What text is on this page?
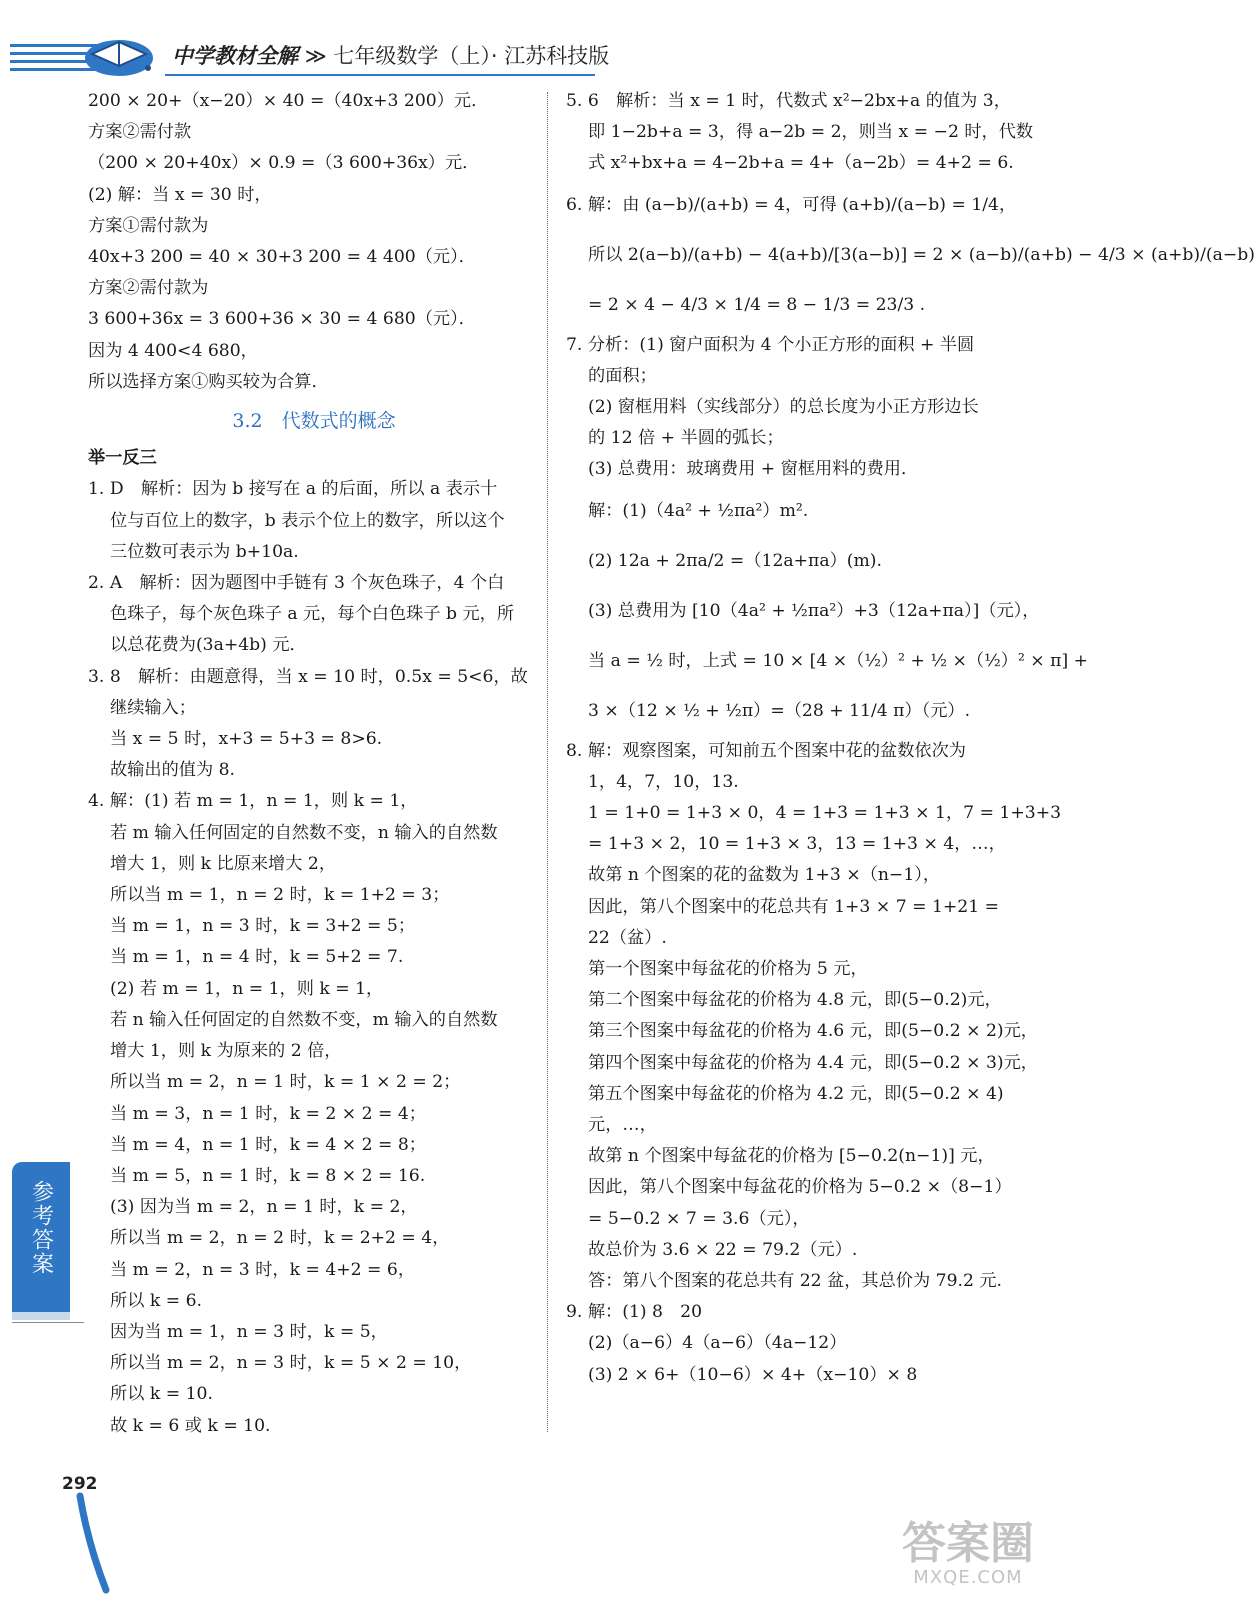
中学教材全解 ≫ 七年级数学（上）· 江苏科技版
200 × 20+（x−20）× 40 =（40x+3 200）元．
方案②需付款
（200 × 20+40x）× 0.9 =（3 600+36x）元．
(2) 解：当 x = 30 时，
方案①需付款为
40x+3 200 = 40 × 30+3 200 = 4 400（元）．
方案②需付款为
3 600+36x = 3 600+36 × 30 = 4 680（元）．
因为 4 400<4 680，
所以选择方案①购买较为合算．
3.2　代数式的概念
举一反三
1. D　解析：因为 b 接写在 a 的后面，所以 a 表示十
位与百位上的数字，b 表示个位上的数字，所以这个
三位数可表示为 b+10a.
2. A　解析：因为题图中手链有 3 个灰色珠子，4 个白
色珠子，每个灰色珠子 a 元，每个白色珠子 b 元，所
以总花费为(3a+4b) 元．
3. 8　解析：由题意得，当 x = 10 时，0.5x = 5<6，故
继续输入；
当 x = 5 时，x+3 = 5+3 = 8>6.
故输出的值为 8.
4. 解：(1) 若 m = 1，n = 1，则 k = 1，
若 m 输入任何固定的自然数不变，n 输入的自然数
增大 1，则 k 比原来增大 2，
所以当 m = 1，n = 2 时，k = 1+2 = 3；
当 m = 1，n = 3 时，k = 3+2 = 5；
当 m = 1，n = 4 时，k = 5+2 = 7.
(2) 若 m = 1，n = 1，则 k = 1，
若 n 输入任何固定的自然数不变，m 输入的自然数
增大 1，则 k 为原来的 2 倍，
所以当 m = 2，n = 1 时，k = 1 × 2 = 2；
当 m = 3，n = 1 时，k = 2 × 2 = 4；
当 m = 4，n = 1 时，k = 4 × 2 = 8；
当 m = 5，n = 1 时，k = 8 × 2 = 16.
(3) 因为当 m = 2，n = 1 时，k = 2，
所以当 m = 2，n = 2 时，k = 2+2 = 4，
当 m = 2，n = 3 时，k = 4+2 = 6，
所以 k = 6.
因为当 m = 1，n = 3 时，k = 5，
所以当 m = 2，n = 3 时，k = 5 × 2 = 10，
所以 k = 10.
故 k = 6 或 k = 10.
5. 6　解析：当 x = 1 时，代数式 x²−2bx+a 的值为 3，
即 1−2b+a = 3，得 a−2b = 2，则当 x = −2 时，代数
式 x²+bx+a = 4−2b+a = 4+（a−2b）= 4+2 = 6.
6. 解：由 (a−b)/(a+b) = 4，可得 (a+b)/(a−b) = 1/4，
所以 2(a−b)/(a+b) − 4(a+b)/[3(a−b)] = 2 × (a−b)/(a+b) − 4/3 × (a+b)/(a−b)
= 2 × 4 − 4/3 × 1/4 = 8 − 1/3 = 23/3 .
7. 分析：(1) 窗户面积为 4 个小正方形的面积 + 半圆
的面积；
(2) 窗框用料（实线部分）的总长度为小正方形边长
的 12 倍 + 半圆的弧长；
(3) 总费用：玻璃费用 + 窗框用料的费用．
解：(1)（4a² + ½πa²）m².
(2) 12a + 2πa/2 =（12a+πa）(m).
(3) 总费用为 [10（4a² + ½πa²）+3（12a+πa）]（元），
当 a = ½ 时，上式 = 10 × [4 ×（½）² + ½ ×（½）² × π] +
3 ×（12 × ½ + ½π）=（28 + 11/4 π）（元）.
8. 解：观察图案，可知前五个图案中花的盆数依次为
1，4，7，10，13.
1 = 1+0 = 1+3 × 0，4 = 1+3 = 1+3 × 1，7 = 1+3+3
= 1+3 × 2，10 = 1+3 × 3，13 = 1+3 × 4，…，
故第 n 个图案的花的盆数为 1+3 ×（n−1），
因此，第八个图案中的花总共有 1+3 × 7 = 1+21 =
22（盆）.
第一个图案中每盆花的价格为 5 元，
第二个图案中每盆花的价格为 4.8 元，即(5−0.2)元，
第三个图案中每盆花的价格为 4.6 元，即(5−0.2 × 2)元，
第四个图案中每盆花的价格为 4.4 元，即(5−0.2 × 3)元，
第五个图案中每盆花的价格为 4.2 元，即(5−0.2 × 4)
元，…，
故第 n 个图案中每盆花的价格为 [5−0.2(n−1)] 元，
因此，第八个图案中每盆花的价格为 5−0.2 ×（8−1）
= 5−0.2 × 7 = 3.6（元），
故总价为 3.6 × 22 = 79.2（元）.
答：第八个图案的花总共有 22 盆，其总价为 79.2 元.
9. 解：(1) 8　20
(2)（a−6）4（a−6）（4a−12）
(3) 2 × 6+（10−6）× 4+（x−10）× 8
参考答案
292
答案圈
MXQE.COM
